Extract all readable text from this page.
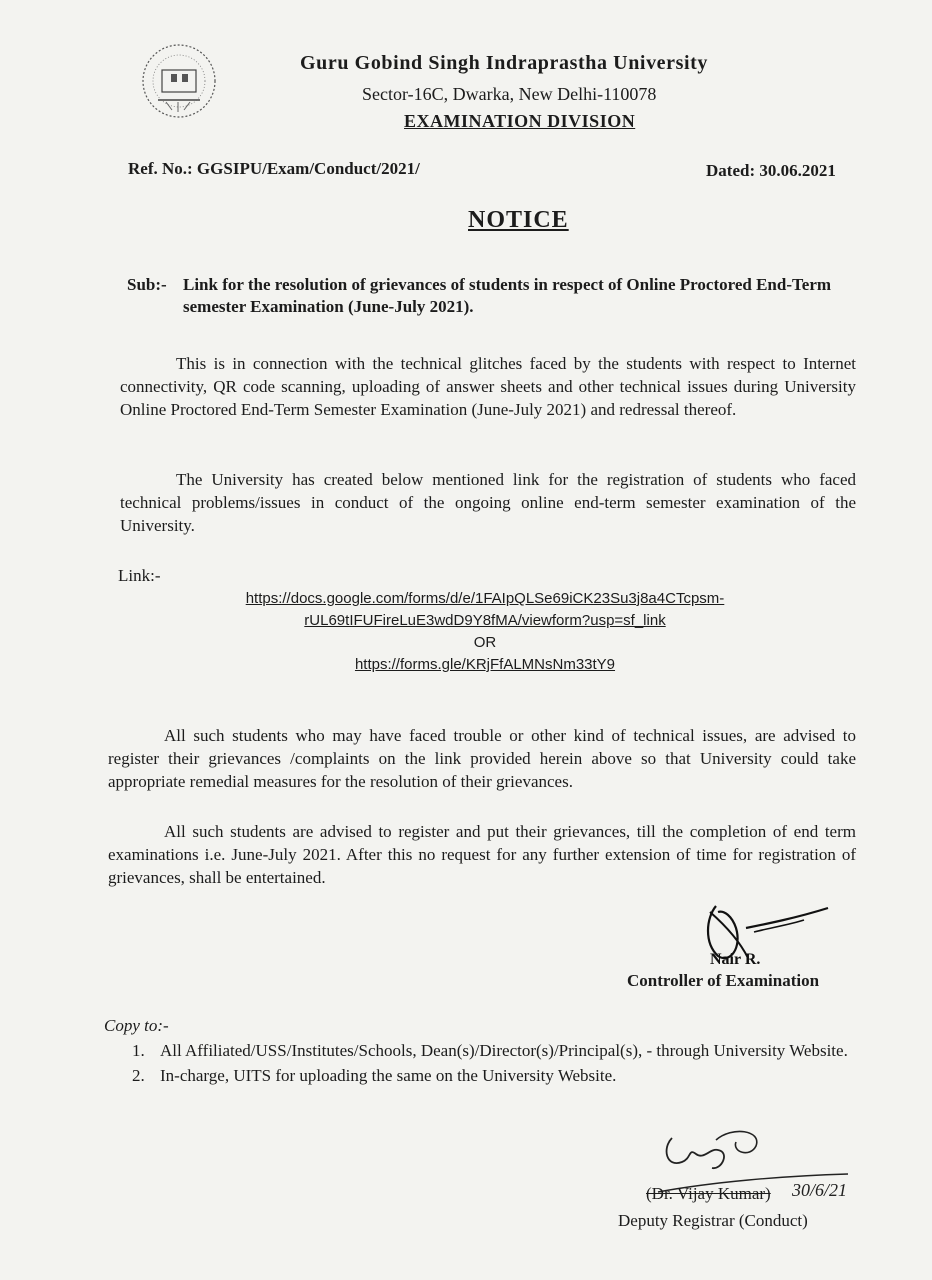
Guru Gobind Singh Indraprastha University
Sector-16C, Dwarka, New Delhi-110078
EXAMINATION DIVISION
Ref. No.: GGSIPU/Exam/Conduct/2021/	Dated: 30.06.2021
NOTICE
Sub:- Link for the resolution of grievances of students in respect of Online Proctored End-Term semester Examination (June-July 2021).
This is in connection with the technical glitches faced by the students with respect to Internet connectivity, QR code scanning, uploading of answer sheets and other technical issues during University Online Proctored End-Term Semester Examination (June-July 2021) and redressal thereof.
The University has created below mentioned link for the registration of students who faced technical problems/issues in conduct of the ongoing online end-term semester examination of the University.
Link:-
https://docs.google.com/forms/d/e/1FAIpQLSe69iCK23Su3j8a4CTcpsm-
rUL69tIFUFireLuE3wdD9Y8fMA/viewform?usp=sf_link
OR
https://forms.gle/KRjFfALMNsNm33tY9
All such students who may have faced trouble or other kind of technical issues, are advised to register their grievances /complaints on the link provided herein above so that University could take appropriate remedial measures for the resolution of their grievances.
All such students are advised to register and put their grievances, till the completion of end term examinations i.e. June-July 2021. After this no request for any further extension of time for registration of grievances, shall be entertained.
Nair R.
Controller of Examination
Copy to:-
1. All Affiliated/USS/Institutes/Schools, Dean(s)/Director(s)/Principal(s), - through University Website.
2. In-charge, UITS for uploading the same on the University Website.
30/6/21
(Dr. Vijay Kumar)
Deputy Registrar (Conduct)
